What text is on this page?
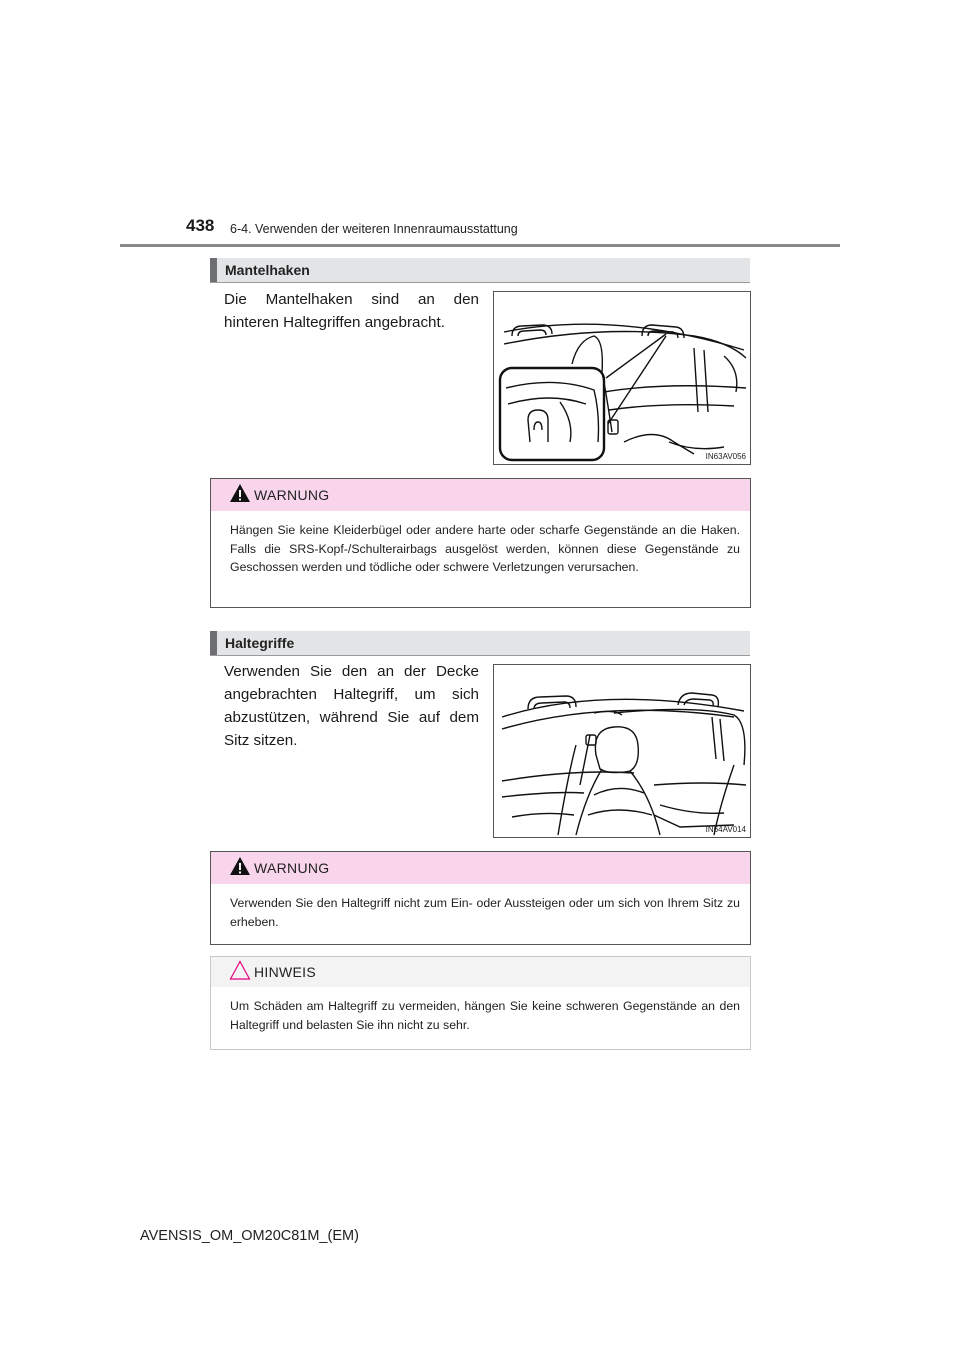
438 6-4. Verwenden der weiteren Innenraumausstattung
Mantelhaken
Die Mantelhaken sind an den hinteren Haltegriffen angebracht.
IN63AV056
WARNUNG
Hängen Sie keine Kleiderbügel oder andere harte oder scharfe Gegenstände an die Haken. Falls die SRS-Kopf-/Schulterairbags ausgelöst werden, können diese Gegenstände zu Geschossen werden und tödliche oder schwere Verletzungen verursachen.
Haltegriffe
Verwenden Sie den an der Decke angebrachten Haltegriff, um sich abzustützen, während Sie auf dem Sitz sitzen.
IN64AV014
WARNUNG
Verwenden Sie den Haltegriff nicht zum Ein- oder Aussteigen oder um sich von Ihrem Sitz zu erheben.
HINWEIS
Um Schäden am Haltegriff zu vermeiden, hängen Sie keine schweren Gegenstände an den Haltegriff und belasten Sie ihn nicht zu sehr.
AVENSIS_OM_OM20C81M_(EM)
